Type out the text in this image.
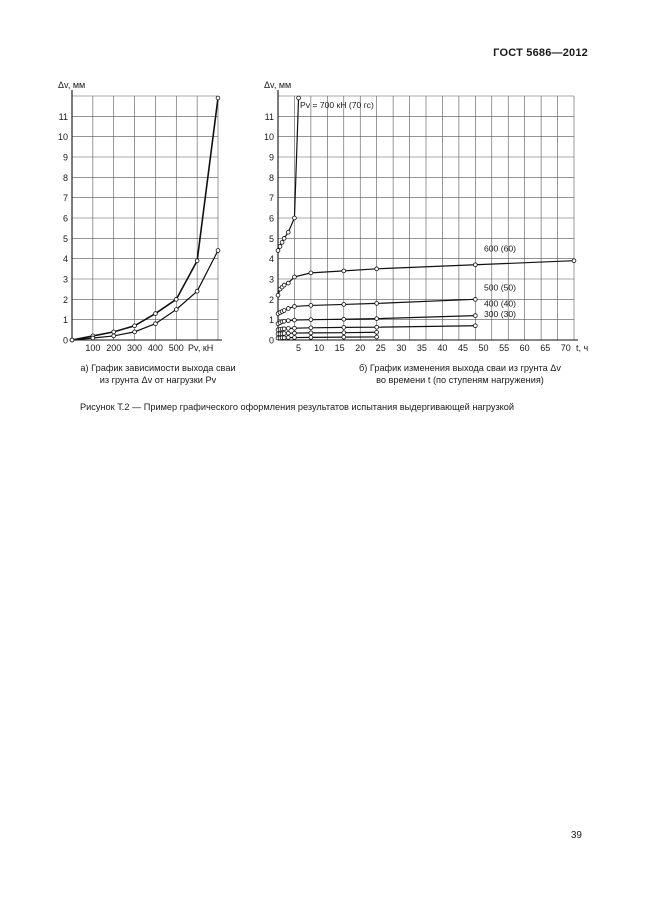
ГОСТ 5686—2012
1
2
3
4
5
6
7
8
9
10
11
0
100 200 300 400 500
Δv, мм
Pv, кН
1
2
3
4
5
6
7
8
9
10
11
0
5 10 15 20 25 30 35 40 45 50 55 60 65 70
Δv, мм
t, ч
Pv = 700 кН (70 гс)
600 (60)
500 (50)
400 (40)
300 (30)
а) График зависимости выхода сваи
из грунта Δv от нагрузки Pv
б) График изменения выхода сваи из грунта Δv
во времени t (по ступеням нагружения)
Рисунок Т.2 — Пример графического оформления результатов испытания выдергивающей нагрузкой
39
